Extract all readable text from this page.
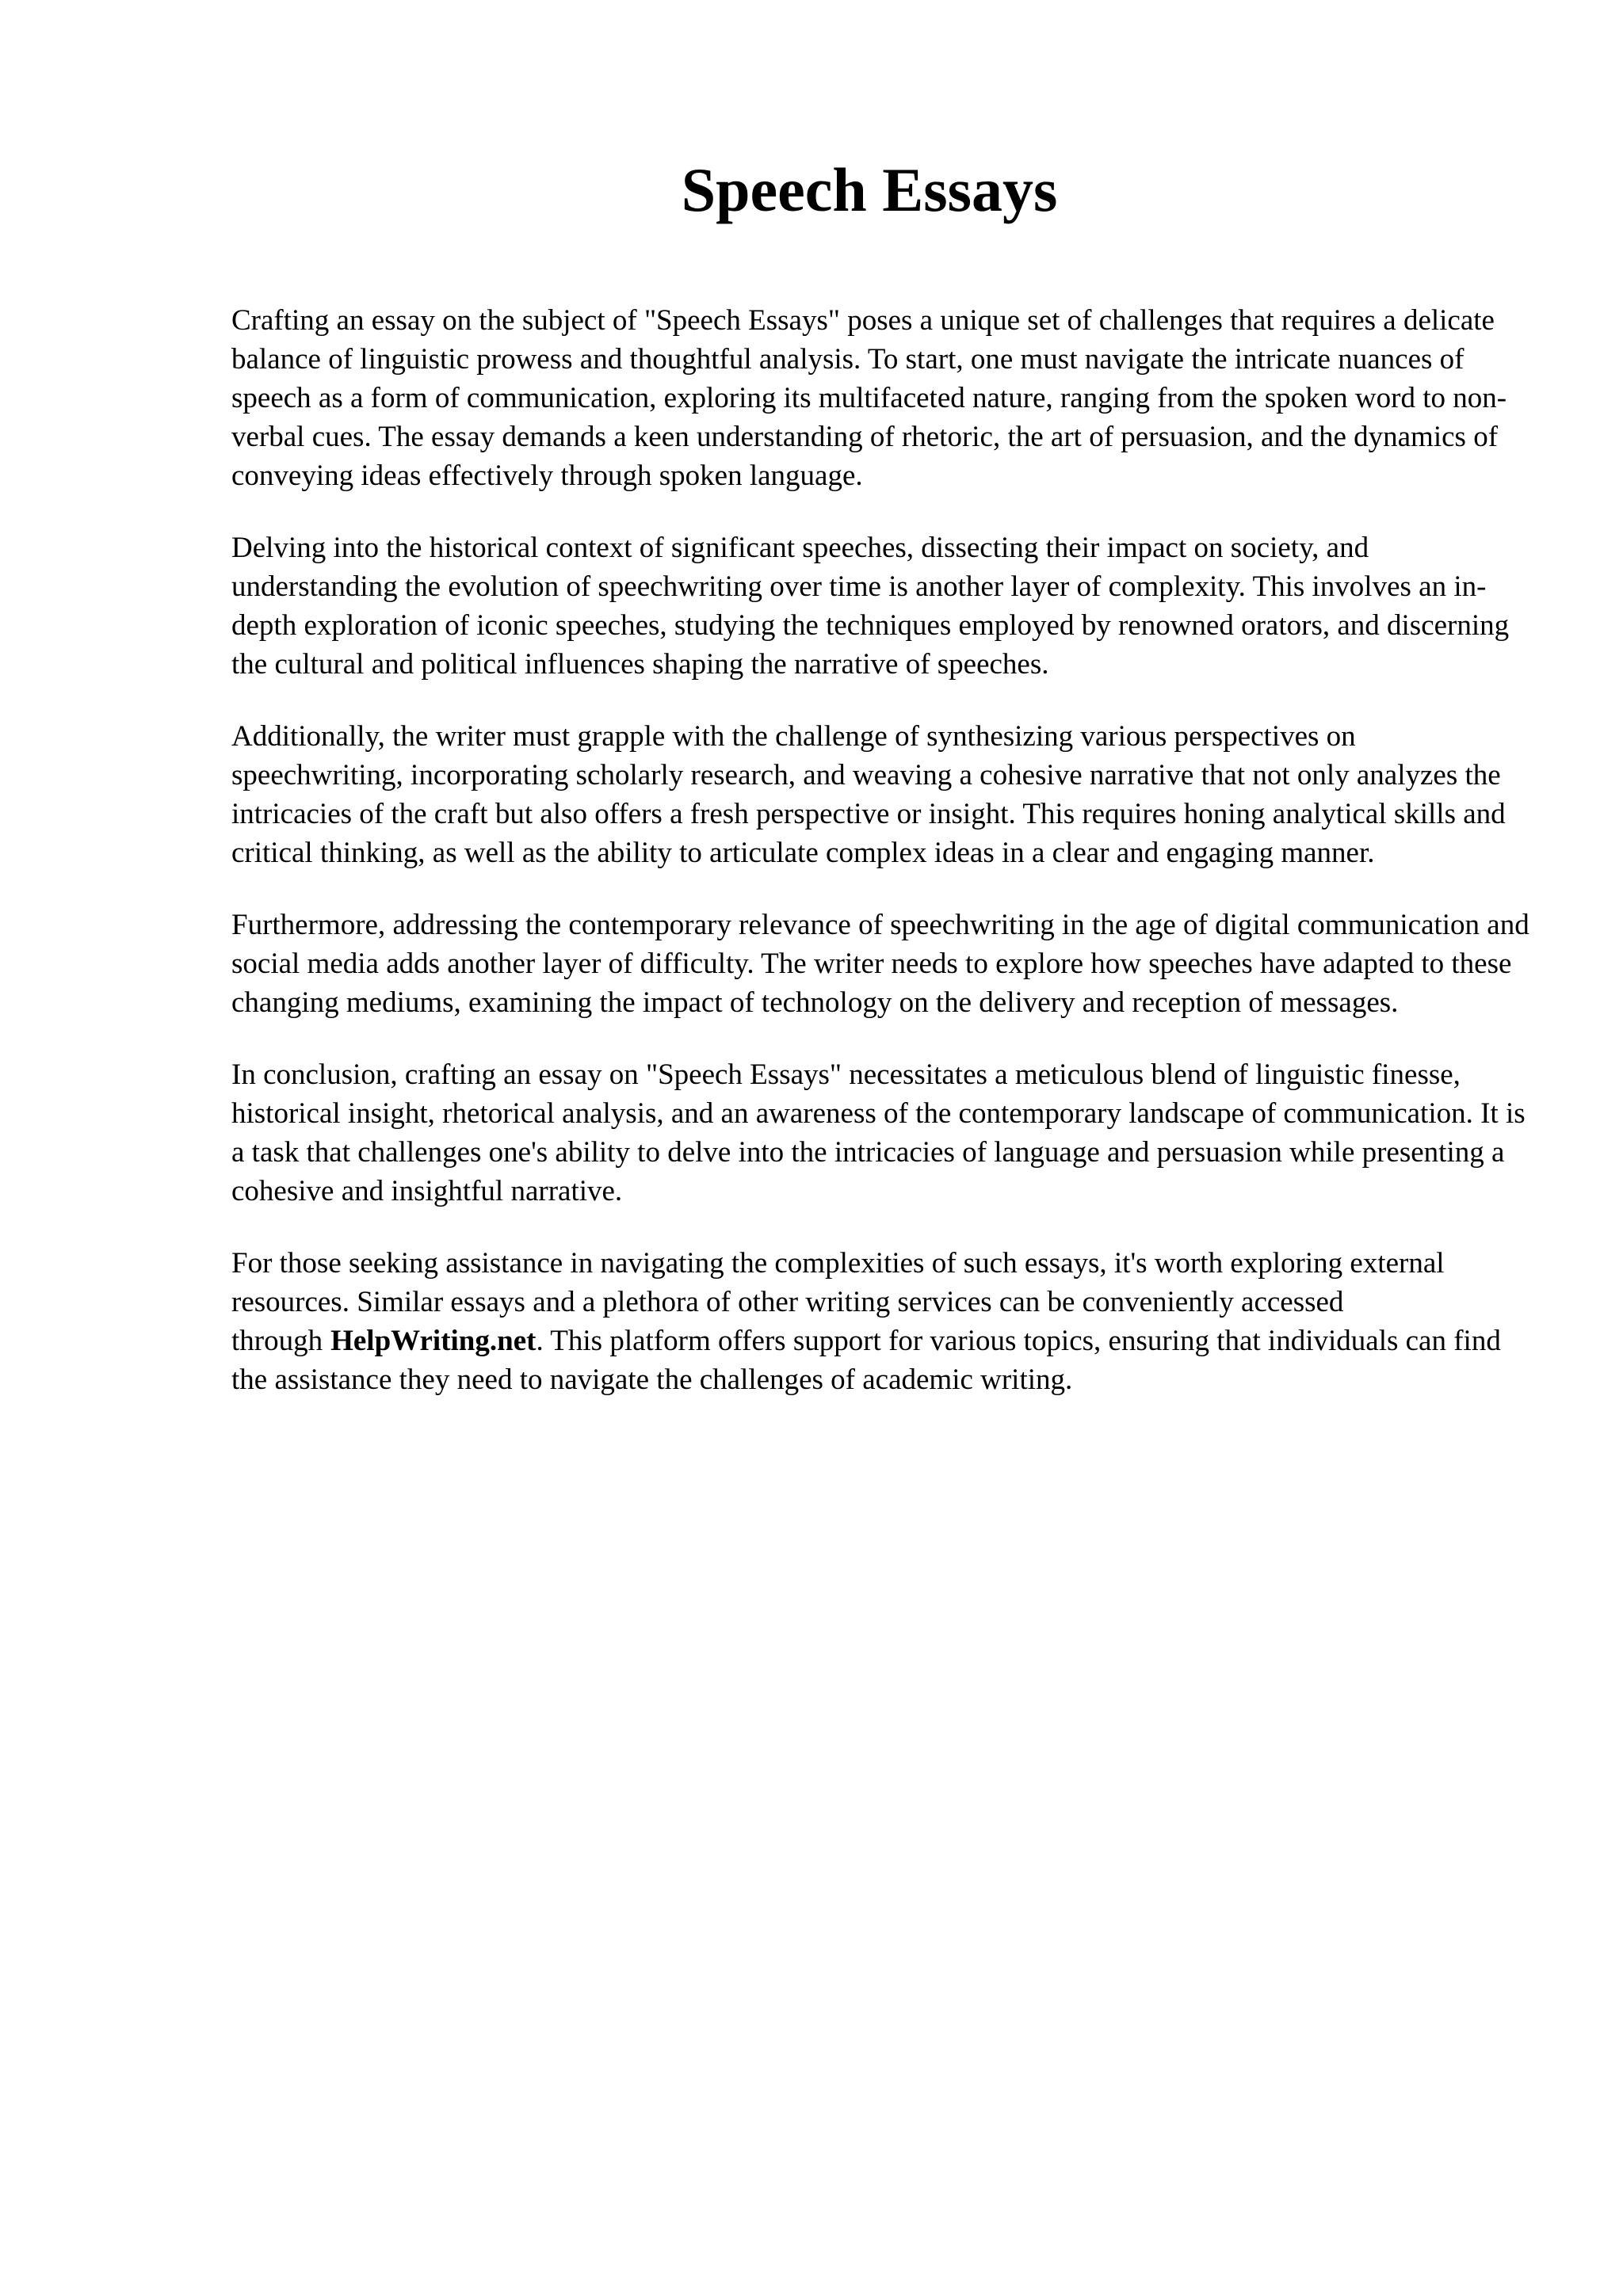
Speech Essays

Crafting an essay on the subject of "Speech Essays" poses a unique set of challenges that requires a delicate balance of linguistic prowess and thoughtful analysis. To start, one must navigate the intricate nuances of speech as a form of communication, exploring its multifaceted nature, ranging from the spoken word to non-verbal cues. The essay demands a keen understanding of rhetoric, the art of persuasion, and the dynamics of conveying ideas effectively through spoken language.

Delving into the historical context of significant speeches, dissecting their impact on society, and understanding the evolution of speechwriting over time is another layer of complexity. This involves an in-depth exploration of iconic speeches, studying the techniques employed by renowned orators, and discerning the cultural and political influences shaping the narrative of speeches.

Additionally, the writer must grapple with the challenge of synthesizing various perspectives on speechwriting, incorporating scholarly research, and weaving a cohesive narrative that not only analyzes the intricacies of the craft but also offers a fresh perspective or insight. This requires honing analytical skills and critical thinking, as well as the ability to articulate complex ideas in a clear and engaging manner.

Furthermore, addressing the contemporary relevance of speechwriting in the age of digital communication and social media adds another layer of difficulty. The writer needs to explore how speeches have adapted to these changing mediums, examining the impact of technology on the delivery and reception of messages.

In conclusion, crafting an essay on "Speech Essays" necessitates a meticulous blend of linguistic finesse, historical insight, rhetorical analysis, and an awareness of the contemporary landscape of communication. It is a task that challenges one's ability to delve into the intricacies of language and persuasion while presenting a cohesive and insightful narrative.

For those seeking assistance in navigating the complexities of such essays, it's worth exploring external resources. Similar essays and a plethora of other writing services can be conveniently accessed through HelpWriting.net. This platform offers support for various topics, ensuring that individuals can find the assistance they need to navigate the challenges of academic writing.
